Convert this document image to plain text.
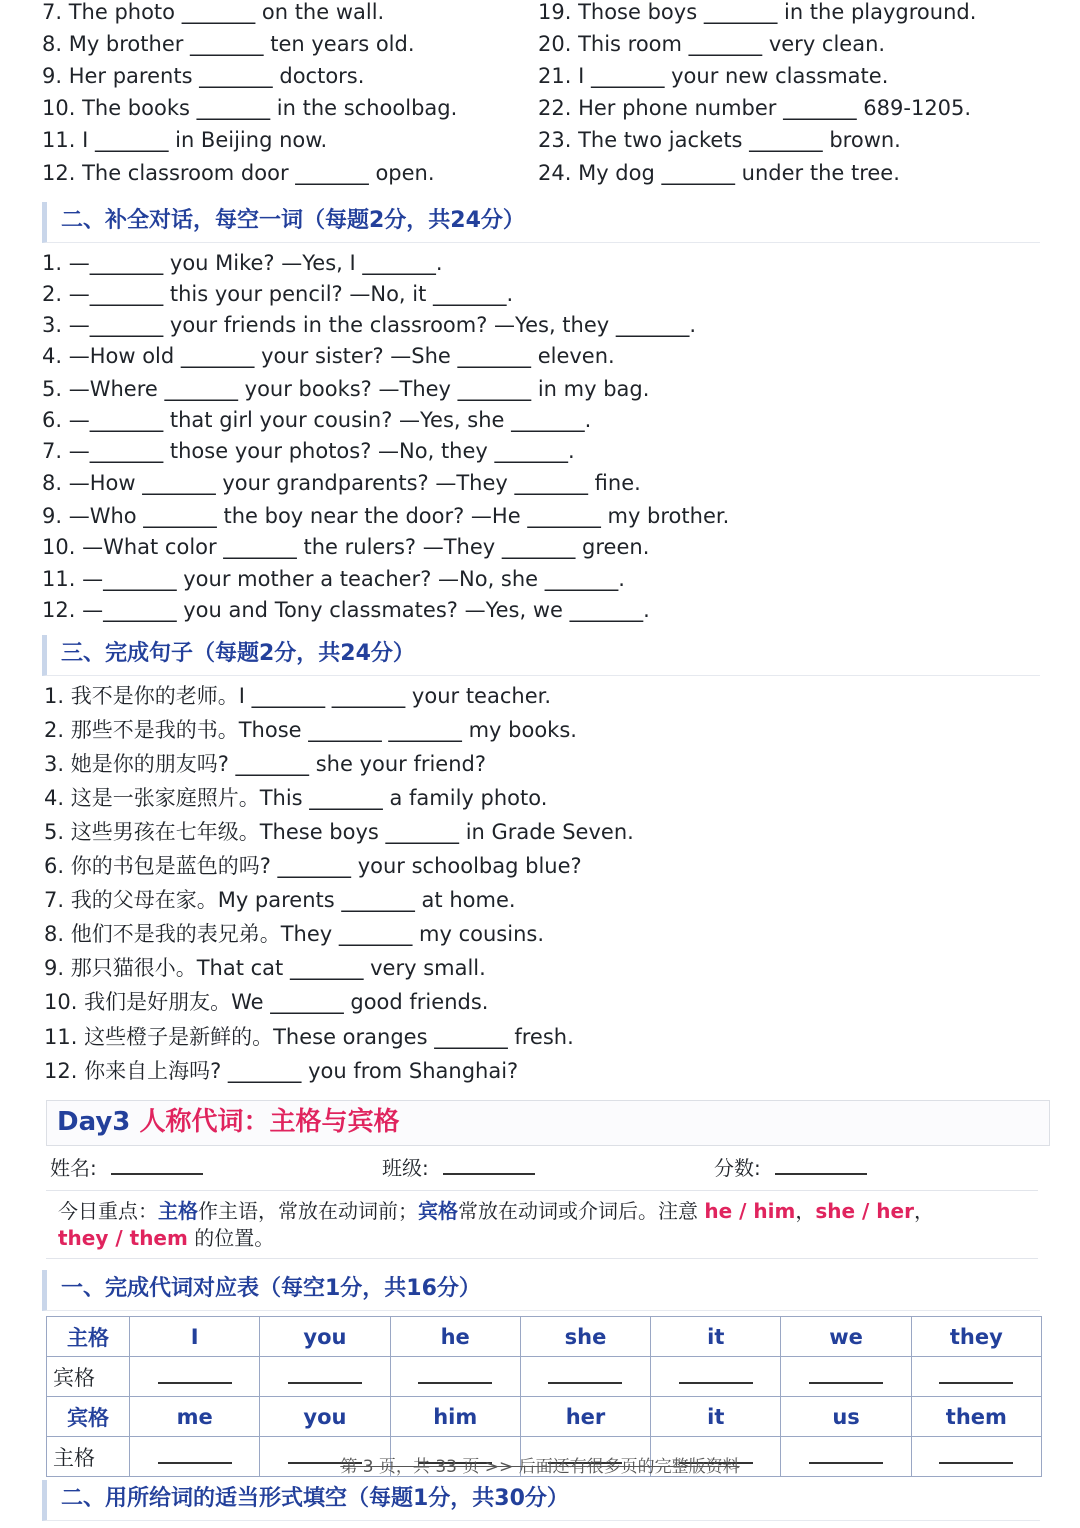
7. The photo _______ on the wall.
8. My brother _______ ten years old.
9. Her parents _______ doctors.
10. The books _______ in the schoolbag.
11. I _______ in Beijing now.
12. The classroom door _______ open.
19. Those boys _______ in the playground.
20. This room _______ very clean.
21. I _______ your new classmate.
22. Her phone number _______ 689-1205.
23. The two jackets _______ brown.
24. My dog _______ under the tree.
二、补全对话，每空一词（每题2分，共24分）
1. —_______ you Mike? —Yes, I _______.
2. —_______ this your pencil? —No, it _______.
3. —_______ your friends in the classroom? —Yes, they _______.
4. —How old _______ your sister? —She _______ eleven.
5. —Where _______ your books? —They _______ in my bag.
6. —_______ that girl your cousin? —Yes, she _______.
7. —_______ those your photos? —No, they _______.
8. —How _______ your grandparents? —They _______ fine.
9. —Who _______ the boy near the door? —He _______ my brother.
10. —What color _______ the rulers? —They _______ green.
11. —_______ your mother a teacher? —No, she _______.
12. —_______ you and Tony classmates? —Yes, we _______.
三、完成句子（每题2分，共24分）
1. 我不是你的老师。I _______ _______ your teacher.
2. 那些不是我的书。Those _______ _______ my books.
3. 她是你的朋友吗? _______ she your friend?
4. 这是一张家庭照片。This _______ a family photo.
5. 这些男孩在七年级。These boys _______ in Grade Seven.
6. 你的书包是蓝色的吗? _______ your schoolbag blue?
7. 我的父母在家。My parents _______ at home.
8. 他们不是我的表兄弟。They _______ my cousins.
9. 那只猫很小。That cat _______ very small.
10. 我们是好朋友。We _______ good friends.
11. 这些橙子是新鲜的。These oranges _______ fresh.
12. 你来自上海吗? _______ you from Shanghai?
Day3 人称代词：主格与宾格
姓名:	班级:	分数:
今日重点：主格作主语，常放在动词前；宾格常放在动词或介词后。注意 he / him，she / her，
they / them 的位置。
一、完成代词对应表（每空1分，共16分）
主格	I	you	he	she	it	we	they
宾格							
宾格	me	you	him	her	it	us	them
主格								第 3 页，共 33 页 >> 后面还有很多页的完整版资料
二、用所给词的适当形式填空（每题1分，共30分）
